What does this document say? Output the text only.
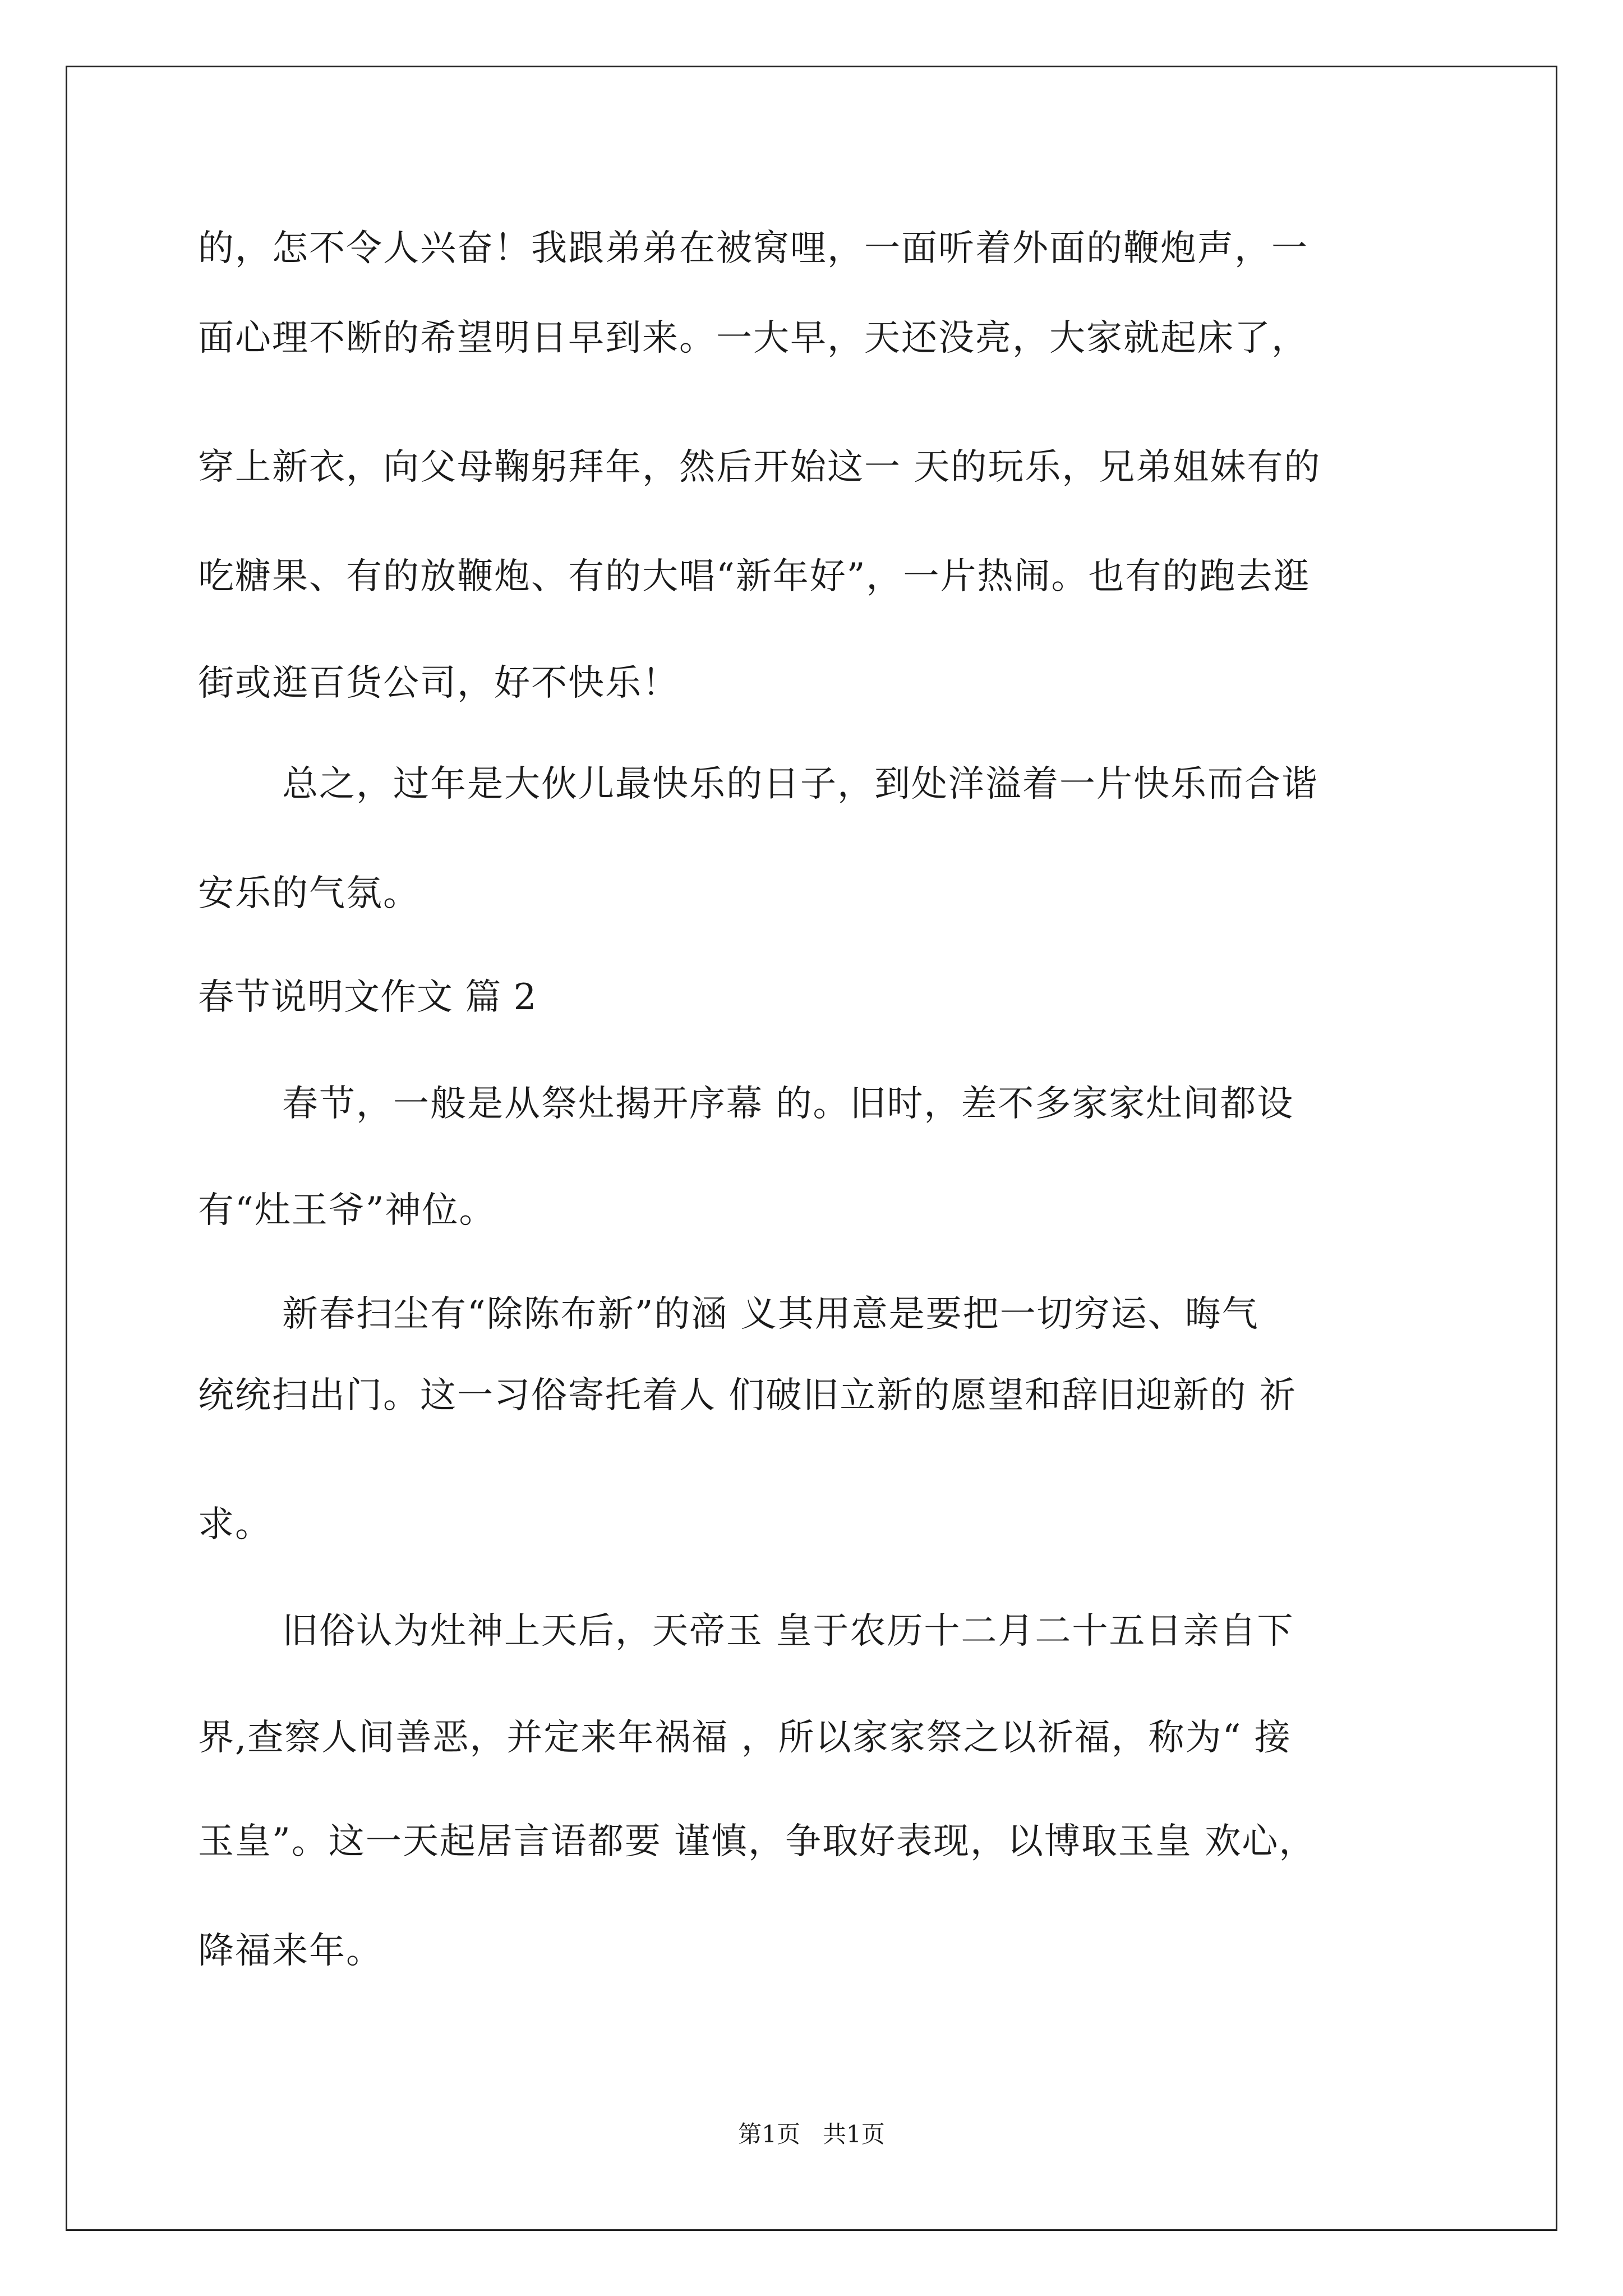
的，怎不令人兴奋！我跟弟弟在被窝哩，一面听着外面的鞭炮声，一

面心理不断的希望明日早到来。一大早，天还没亮，大家就起床了，

穿上新衣，向父母鞠躬拜年，然后开始这一 天的玩乐，兄弟姐妹有的

吃糖果、有的放鞭炮、有的大唱“新年好”，一片热闹。也有的跑去逛

街或逛百货公司，好不快乐！

总之，过年是大伙儿最快乐的日子，到处洋溢着一片快乐而合谐

安乐的气氛。

春节说明文作文 篇 2

春节，一般是从祭灶揭开序幕 的。旧时，差不多家家灶间都设

有“灶王爷”神位。

新春扫尘有“除陈布新”的涵 义其用意是要把一切穷运、晦气

统统扫出门。这一习俗寄托着人 们破旧立新的愿望和辞旧迎新的 祈

求。

旧俗认为灶神上天后，天帝玉 皇于农历十二月二十五日亲自下

界,查察人间善恶，并定来年祸福 ，所以家家祭之以祈福，称为“ 接

玉皇”。这一天起居言语都要 谨慎，争取好表现，以博取玉皇 欢心，

降福来年。

第1页   共1页
